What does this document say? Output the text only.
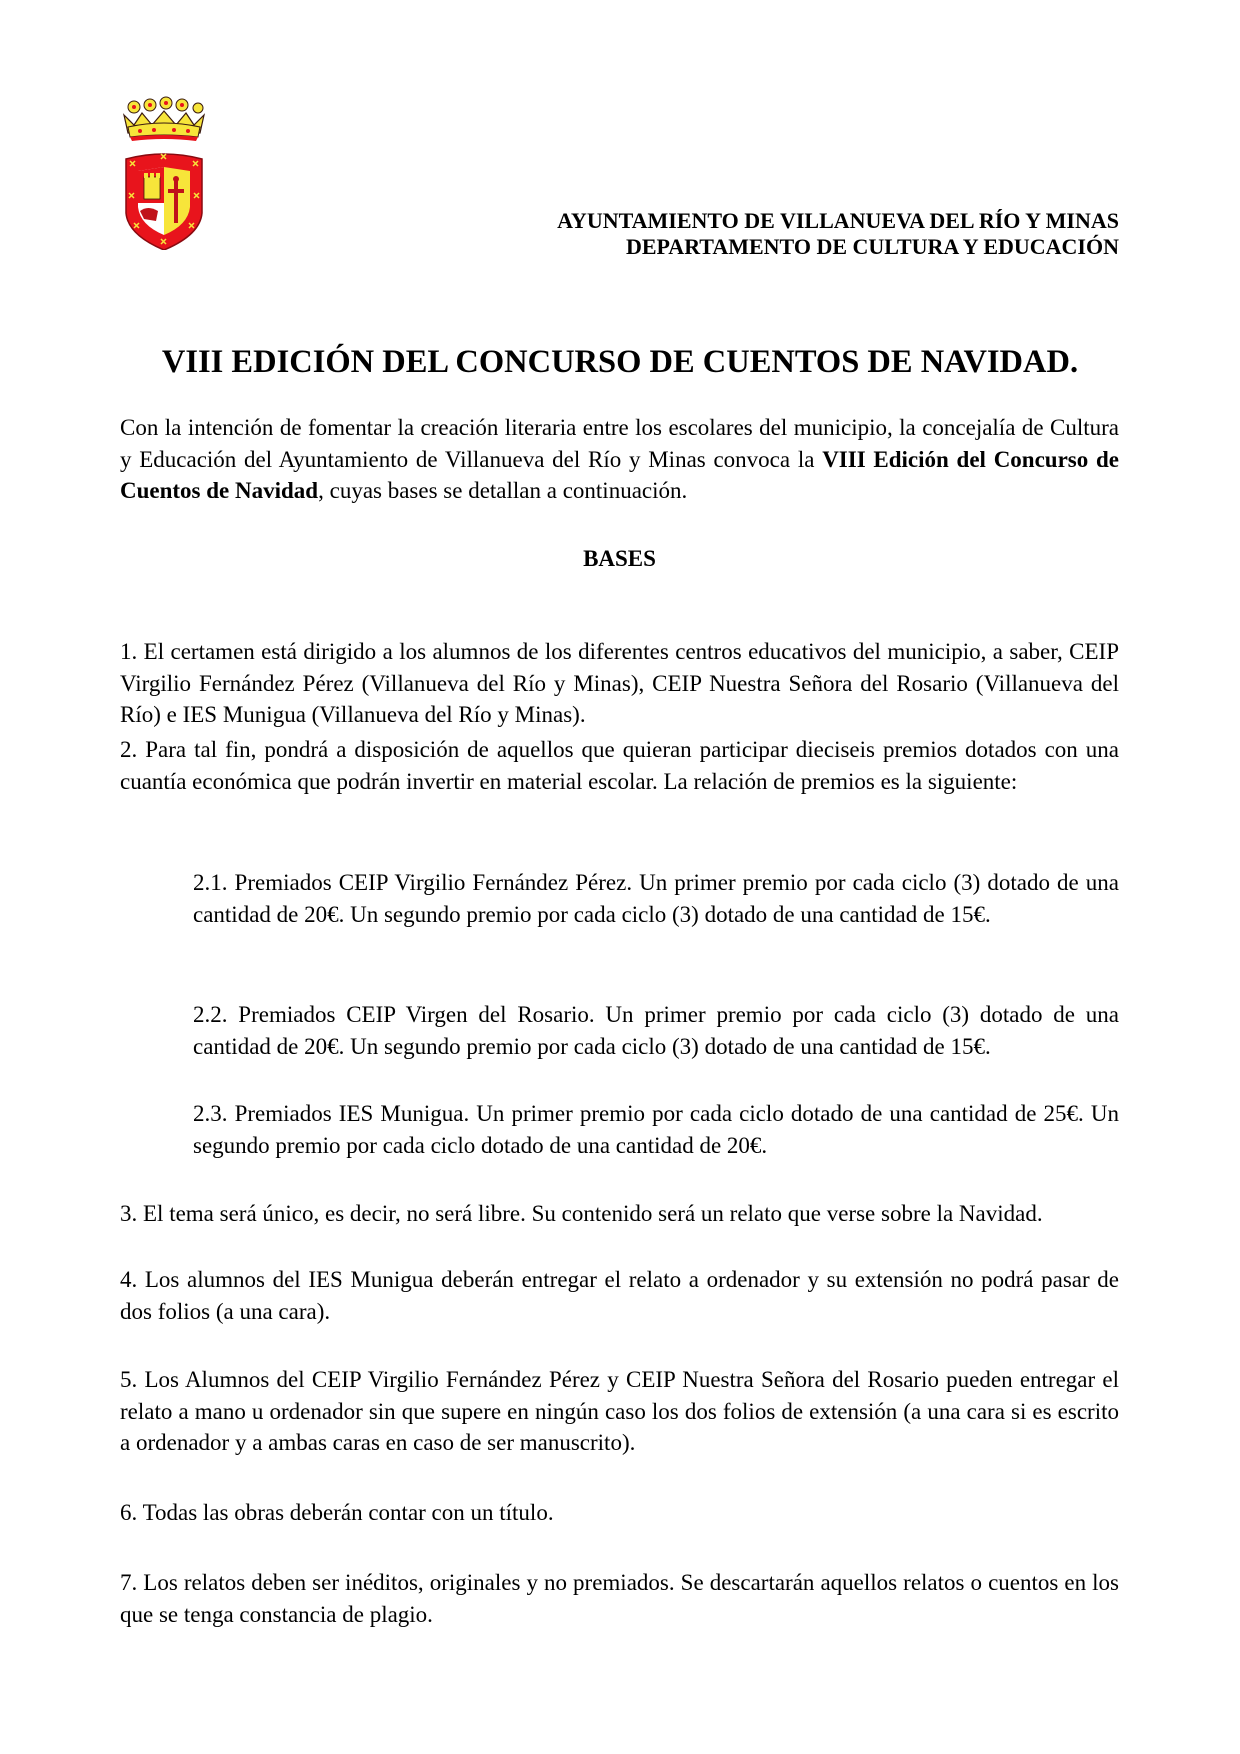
AYUNTAMIENTO DE VILLANUEVA DEL RÍO Y MINAS
DEPARTAMENTO DE CULTURA Y EDUCACIÓN
VIII EDICIÓN DEL CONCURSO DE CUENTOS DE NAVIDAD.
Con la intención de fomentar la creación literaria entre los escolares del municipio, la concejalía de Cultura y Educación del Ayuntamiento de Villanueva del Río y Minas convoca la VIII Edición del Concurso de Cuentos de Navidad, cuyas bases se detallan a continuación.
BASES
1. El certamen está dirigido a los alumnos de los diferentes centros educativos del municipio, a saber, CEIP Virgilio Fernández Pérez (Villanueva del Río y Minas), CEIP Nuestra Señora del Rosario (Villanueva del Río) e IES Munigua (Villanueva del Río y Minas).
2. Para tal fin, pondrá a disposición de aquellos que quieran participar dieciseis premios dotados con una cuantía económica que podrán invertir en material escolar. La relación de premios es la siguiente:
2.1. Premiados CEIP Virgilio Fernández Pérez. Un primer premio por cada ciclo (3) dotado de una cantidad de 20€. Un segundo premio por cada ciclo (3) dotado de una cantidad de 15€.
2.2. Premiados CEIP Virgen del Rosario. Un primer premio por cada ciclo (3) dotado de una cantidad de 20€. Un segundo premio por cada ciclo (3) dotado de una cantidad de 15€.
2.3. Premiados IES Munigua. Un primer premio por cada ciclo dotado de una cantidad de 25€. Un segundo premio por cada ciclo dotado de una cantidad de 20€.
3. El tema será único, es decir, no será libre. Su contenido será un relato que verse sobre la Navidad.
4. Los alumnos del IES Munigua deberán entregar el relato a ordenador y su extensión no podrá pasar de dos folios (a una cara).
5. Los Alumnos del CEIP Virgilio Fernández Pérez y CEIP Nuestra Señora del Rosario pueden entregar el relato a mano u ordenador sin que supere en ningún caso los dos folios de extensión (a una cara si es escrito a ordenador y a ambas caras en caso de ser manuscrito).
6. Todas las obras deberán contar con un título.
7. Los relatos deben ser inéditos, originales y no premiados. Se descartarán aquellos relatos o cuentos en los que se tenga constancia de plagio.
